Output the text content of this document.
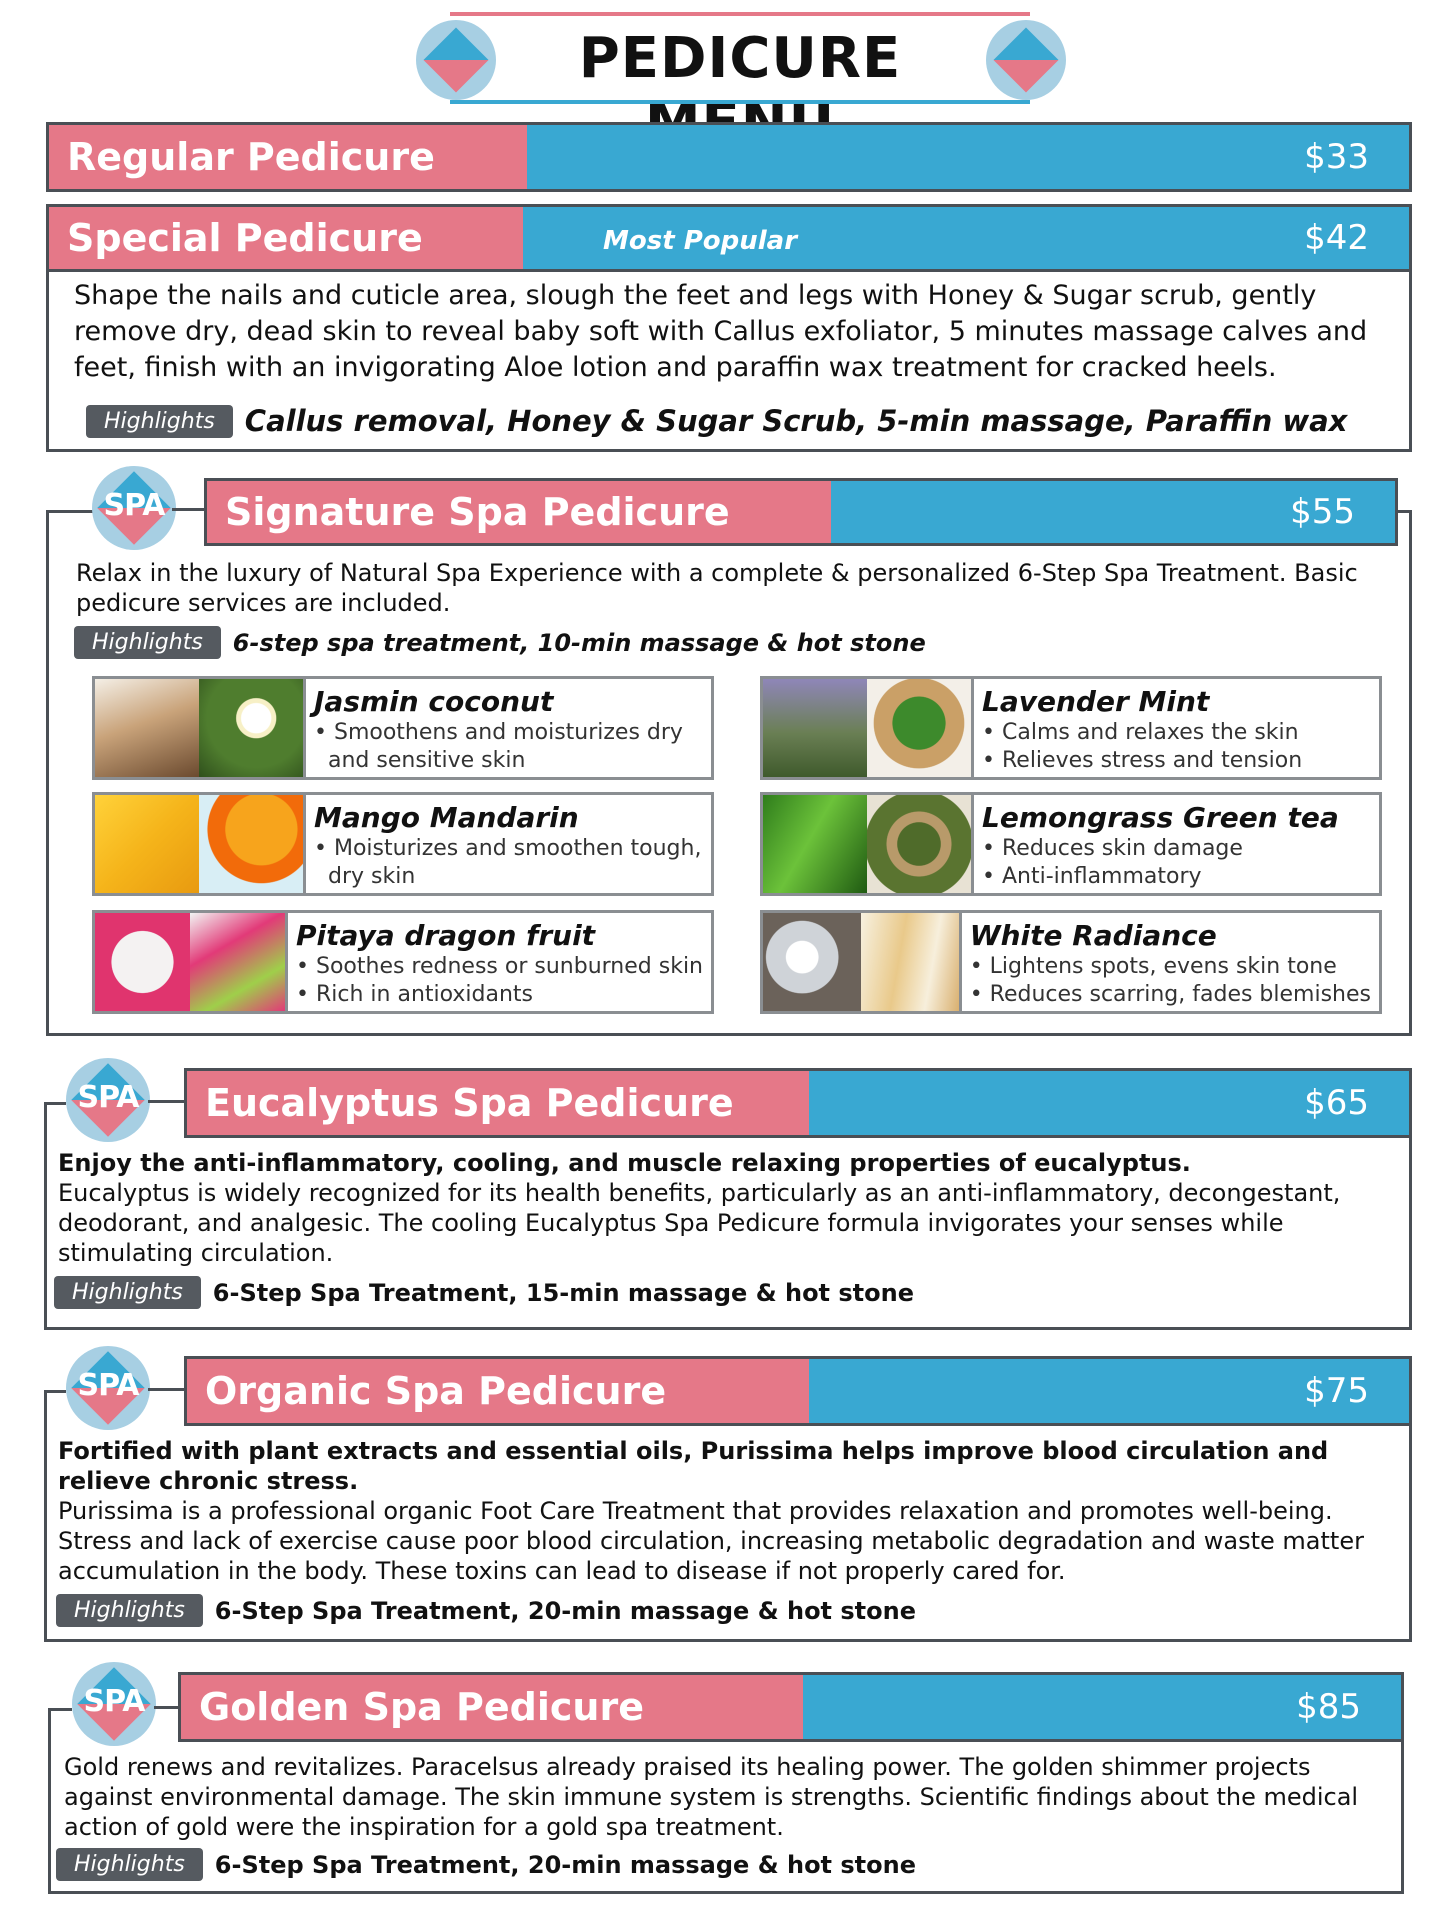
PEDICURE
Regular Pedicure	$33
Special Pedicure	Most Popular	$42
Shape the nails and cuticle area, slough the feet and legs with Honey & Sugar scrub, gently remove dry, dead skin to reveal baby soft with Callus exfoliator, 5 minutes massage calves and feet, finish with an invigorating Aloe lotion and paraffin wax treatment for cracked heels.
Highlights	Callus removal, Honey & Sugar Scrub, 5-min massage, Paraffin wax
SPA	Signature Spa Pedicure	$55
Relax in the luxury of Natural Spa Experience with a complete & personalized 6-Step Spa Treatment. Basic pedicure services are included.
Highlights	6-step spa treatment, 10-min massage & hot stone
Jasmin coconut
• Smoothens and moisturizes dry
and sensitive skin
Lavender Mint
• Calms and relaxes the skin
• Relieves stress and tension
Mango Mandarin
• Moisturizes and smoothen tough,
dry skin
Lemongrass Green tea
• Reduces skin damage
• Anti-inflammatory
Pitaya dragon fruit
• Soothes redness or sunburned skin
• Rich in antioxidants
White Radiance
• Lightens spots, evens skin tone
• Reduces scarring, fades blemishes
SPA	Eucalyptus Spa Pedicure	$65
Enjoy the anti-inflammatory, cooling, and muscle relaxing properties of eucalyptus.
Eucalyptus is widely recognized for its health benefits, particularly as an anti-inflammatory, decongestant, deodorant, and analgesic. The cooling Eucalyptus Spa Pedicure formula invigorates your senses while stimulating circulation.
Highlights	6-Step Spa Treatment, 15-min massage & hot stone
SPA	Organic Spa Pedicure	$75
Fortified with plant extracts and essential oils, Purissima helps improve blood circulation and relieve chronic stress.
Purissima is a professional organic Foot Care Treatment that provides relaxation and promotes well-being. Stress and lack of exercise cause poor blood circulation, increasing metabolic degradation and waste matter accumulation in the body. These toxins can lead to disease if not properly cared for.
Highlights	6-Step Spa Treatment, 20-min massage & hot stone
SPA	Golden Spa Pedicure	$85
Gold renews and revitalizes. Paracelsus already praised its healing power. The golden shimmer projects against environmental damage. The skin immune system is strengths. Scientific findings about the medical action of gold were the inspiration for a gold spa treatment.
Highlights	6-Step Spa Treatment, 20-min massage & hot stone
